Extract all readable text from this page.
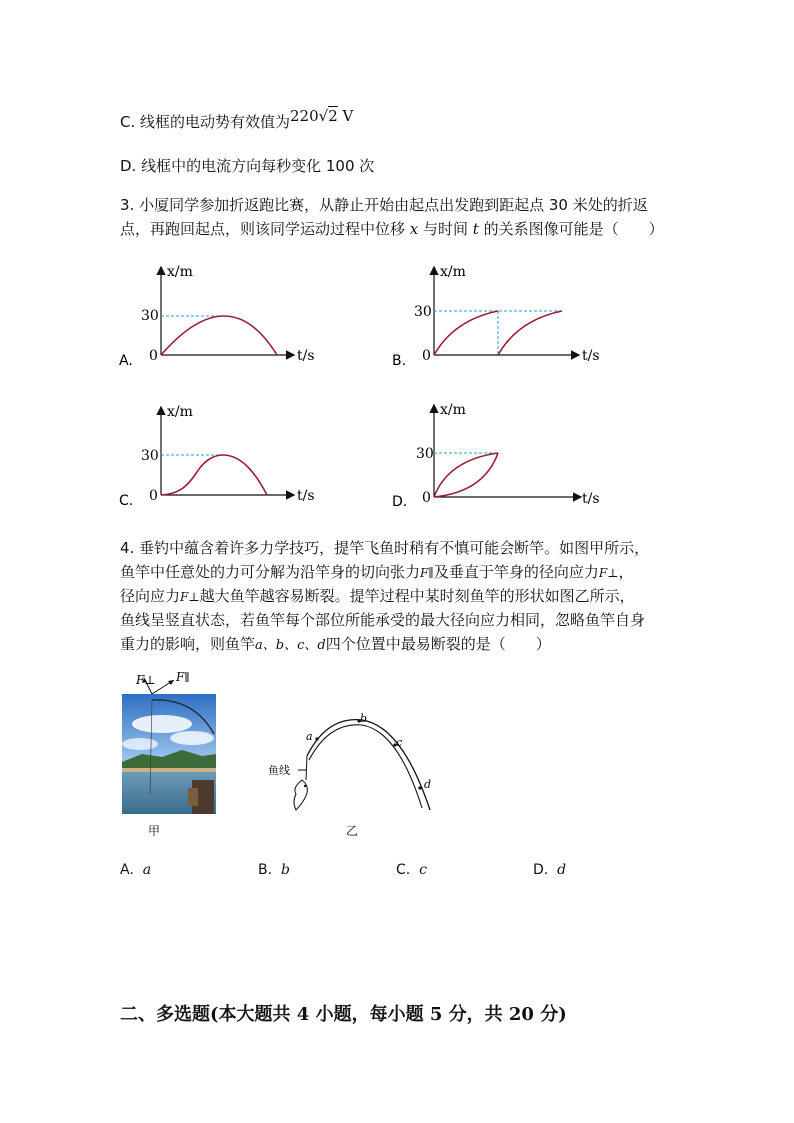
C. 线框的电动势有效值为220√2 V
D. 线框中的电流方向每秒变化 100 次
3. 小厦同学参加折返跑比赛，从静止开始由起点出发跑到距起点 30 米处的折返
点，再跑回起点，则该同学运动过程中位移 x 与时间 t 的关系图像可能是（　　）
x/m
t/s
30
0
A.
x/m
t/s
30
0
B.
x/m
t/s
30
0
C.
x/m
t/s
30
0
D.
4. 垂钓中蕴含着许多力学技巧，提竿飞鱼时稍有不慎可能会断竿。如图甲所示，
鱼竿中任意处的力可分解为沿竿身的切向张力F∥及垂直于竿身的径向应力F⊥，
径向应力F⊥越大鱼竿越容易断裂。提竿过程中某时刻鱼竿的形状如图乙所示，
鱼线呈竖直状态，若鱼竿每个部位所能承受的最大径向应力相同，忽略鱼竿自身
重力的影响，则鱼竿a、b、c、d四个位置中最易断裂的是（　　）
F⊥ F∥
甲
鱼线
a
b
c
d
乙
A. a	B. b	C. c	D. d
二、多选题(本大题共 4 小题，每小题 5 分，共 20 分)
